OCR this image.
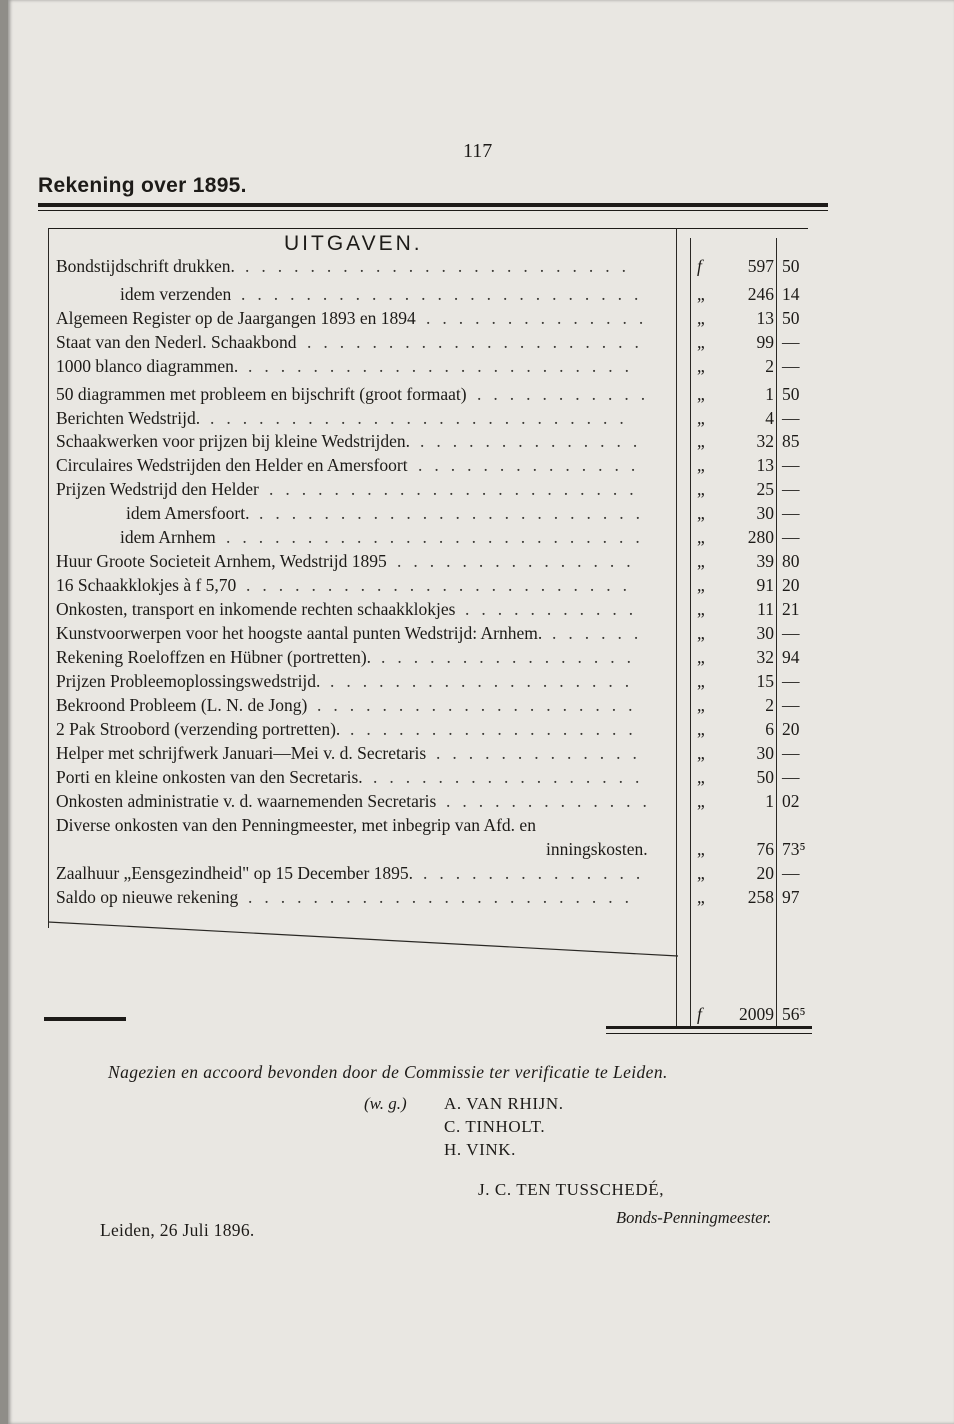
117
Rekening over 1895.
UITGAVEN.
Bondstijdschrift drukken.	f	597 50
........................
idem verzenden	„	246 14
.........................
Algemeen Register op de Jaargangen 1893 en 1894	„	13 50
..............
Staat van den Nederl. Schaakbond	„	99 —
.....................
1000 blanco diagrammen.	„	2 —
........................
50 diagrammen met probleem en bijschrift (groot formaat)	„	1 50
...........
Berichten Wedstrijd.	„	4 —
..........................
Schaakwerken voor prijzen bij kleine Wedstrijden.	„	32 85
..............
Circulaires Wedstrijden den Helder en Amersfoort	„	13 —
..............
Prijzen Wedstrijd den Helder	„	25 —
.......................
idem Amersfoort.	„	30 —
........................
idem Arnhem	„	280 —
..........................
Huur Groote Societeit Arnhem, Wedstrijd 1895	„	39 80
...............
16 Schaakklokjes à f 5,70	„	91 20
........................
Onkosten, transport en inkomende rechten schaakklokjes	„	11 21
...........
Kunstvoorwerpen voor het hoogste aantal punten Wedstrijd: Arnhem.	„	30 —
......
Rekening Roeloffzen en Hübner (portretten).	„	32 94
................
Prijzen Probleemoplossingswedstrijd.	„	15 —
...................
Bekroond Probleem (L. N. de Jong)	„	2 —
....................
2 Pak Stroobord (verzending portretten).	„	6 20
..................
Helper met schrijfwerk Januari—Mei v. d. Secretaris	„	30 —
.............
Porti en kleine onkosten van den Secretaris.	„	50 —
.................
Onkosten administratie v. d. waarnemenden Secretaris	„	1 02
.............
Diverse onkosten van den Penningmeester, met inbegrip van Afd. en
inningskosten.	„	76 73⁵
Zaalhuur „Eensgezindheid" op 15 December 1895.	„	20 —
..............
Saldo op nieuwe rekening	„	258 97
........................
f	2009 56⁵
Nagezien en accoord bevonden door de Commissie ter verificatie te Leiden.
(w. g.) A. VAN RHIJN.
C. TINHOLT.
H. VINK.
J. C. TEN TUSSCHEDÉ,
Bonds-Penningmeester.
Leiden, 26 Juli 1896.
